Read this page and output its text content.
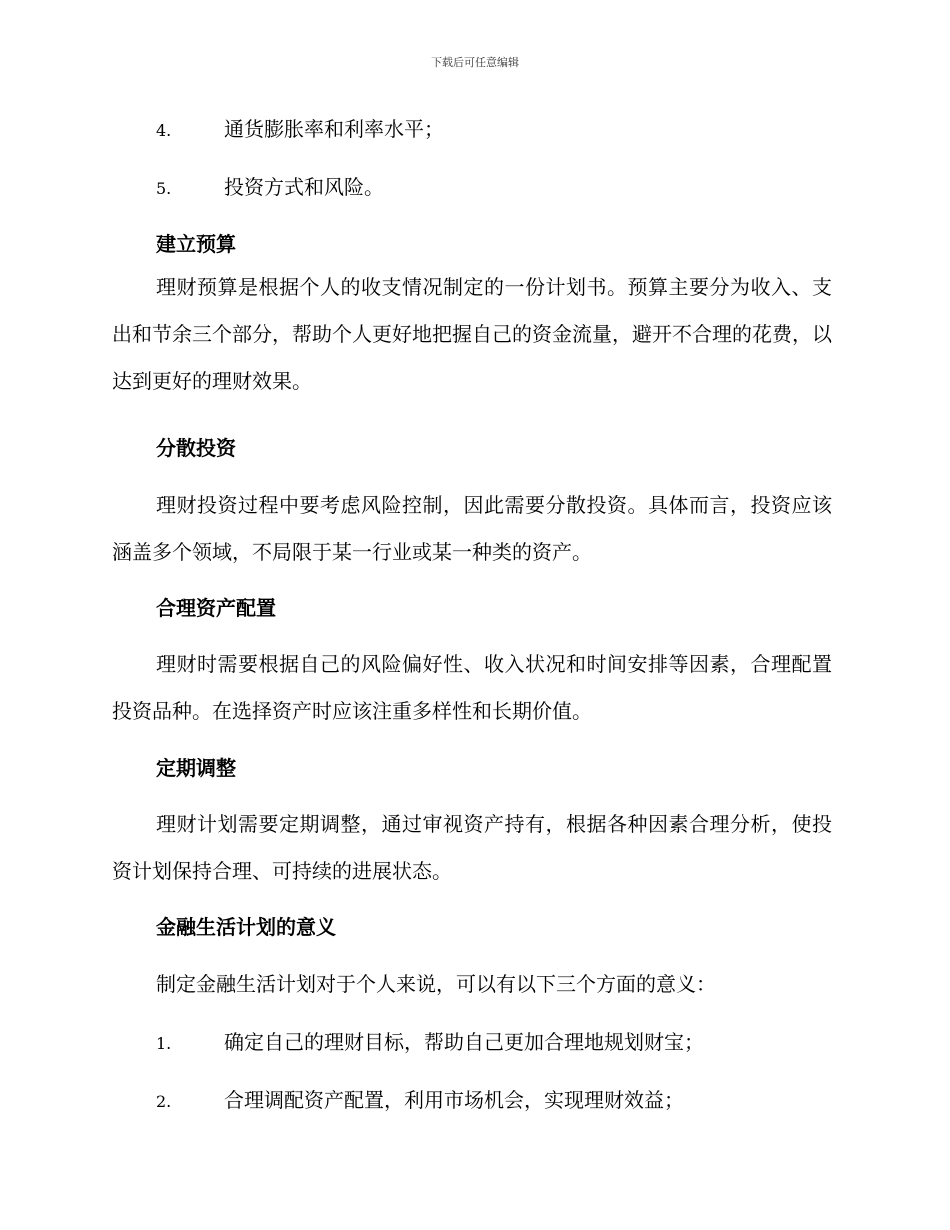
下载后可任意编辑
4.	通货膨胀率和利率水平；
5.	投资方式和风险。
建立预算
理财预算是根据个人的收支情况制定的一份计划书。预算主要分为收入、支出和节余三个部分，帮助个人更好地把握自己的资金流量，避开不合理的花费，以达到更好的理财效果。
分散投资
理财投资过程中要考虑风险控制，因此需要分散投资。具体而言，投资应该涵盖多个领域，不局限于某一行业或某一种类的资产。
合理资产配置
理财时需要根据自己的风险偏好性、收入状况和时间安排等因素，合理配置投资品种。在选择资产时应该注重多样性和长期价值。
定期调整
理财计划需要定期调整，通过审视资产持有，根据各种因素合理分析，使投资计划保持合理、可持续的进展状态。
金融生活计划的意义
制定金融生活计划对于个人来说，可以有以下三个方面的意义：
1.	确定自己的理财目标，帮助自己更加合理地规划财宝；
2.	合理调配资产配置，利用市场机会，实现理财效益；
